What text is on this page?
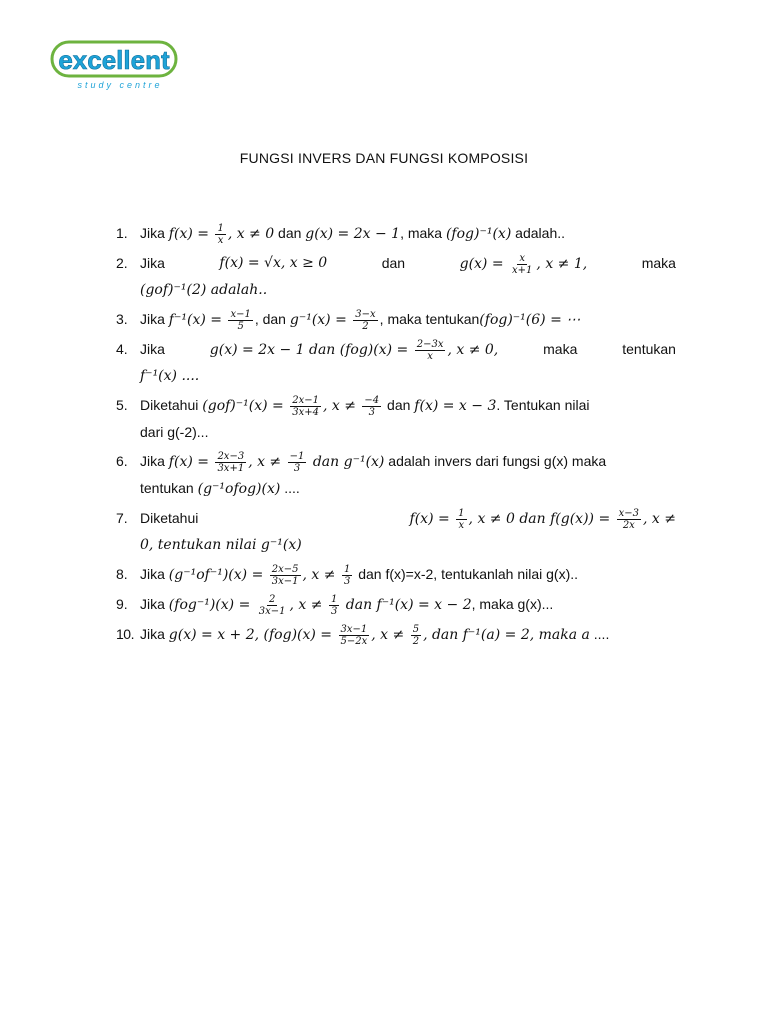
excellent
study centre
FUNGSI INVERS DAN FUNGSI KOMPOSISI
1. Jika $f(x) = \frac{1}{x}$ , x ≠ 0 dan g(x) = 2x − 1, maka (fog)⁻¹(x) adalah..
2. Jika	f(x) = √x, x ≥ 0	dan	$g(x) = \frac{x}{x+1}$ , x ≠ 1,	maka
(gof)⁻¹(2) adalah..
3. Jika $f^{-1}(x) = \frac{x-1}{5}$ , dan $g^{-1}(x) = \frac{3-x}{2}$ , maka tentukan(fog)⁻¹(6) = ⋯
4. Jika	g(x) = 2x − 1 dan $(fog)(x) = \frac{2-3x}{x}$ , x ≠ 0,	maka	tentukan
f⁻¹(x) ....
5. Diketahui $(gof)^{-1}(x) = \frac{2x-1}{3x+4}$ , $x \ne \frac{-4}{3}$ dan f(x) = x − 3. Tentukan nilai
dari g(-2)...
6. Jika $f(x) = \frac{2x-3}{3x+1}$ , $x \ne \frac{-1}{3}$ dan g⁻¹(x) adalah invers dari fungsi g(x) maka
tentukan (g⁻¹ofog)(x) ....
7. Diketahui	$f(x) = \frac{1}{x}$ , x ≠ 0 dan $f(g(x)) = \frac{x-3}{2x}$ , x ≠
0, tentukan nilai g⁻¹(x)
8. Jika $(g^{-1}of^{-1})(x) = \frac{2x-5}{3x-1}$ , $x \ne \frac{1}{3}$ dan f(x)=x-2, tentukanlah nilai g(x)..
9. Jika $(fog^{-1})(x) = \frac{2}{3x-1}$ , $x \ne \frac{1}{3}$ dan f⁻¹(x) = x − 2, maka g(x)...
10. Jika g(x) = x + 2, $(fog)(x) = \frac{3x-1}{5-2x}$ , $x \ne \frac{5}{2}$ , dan f⁻¹(a) = 2, maka a ....
